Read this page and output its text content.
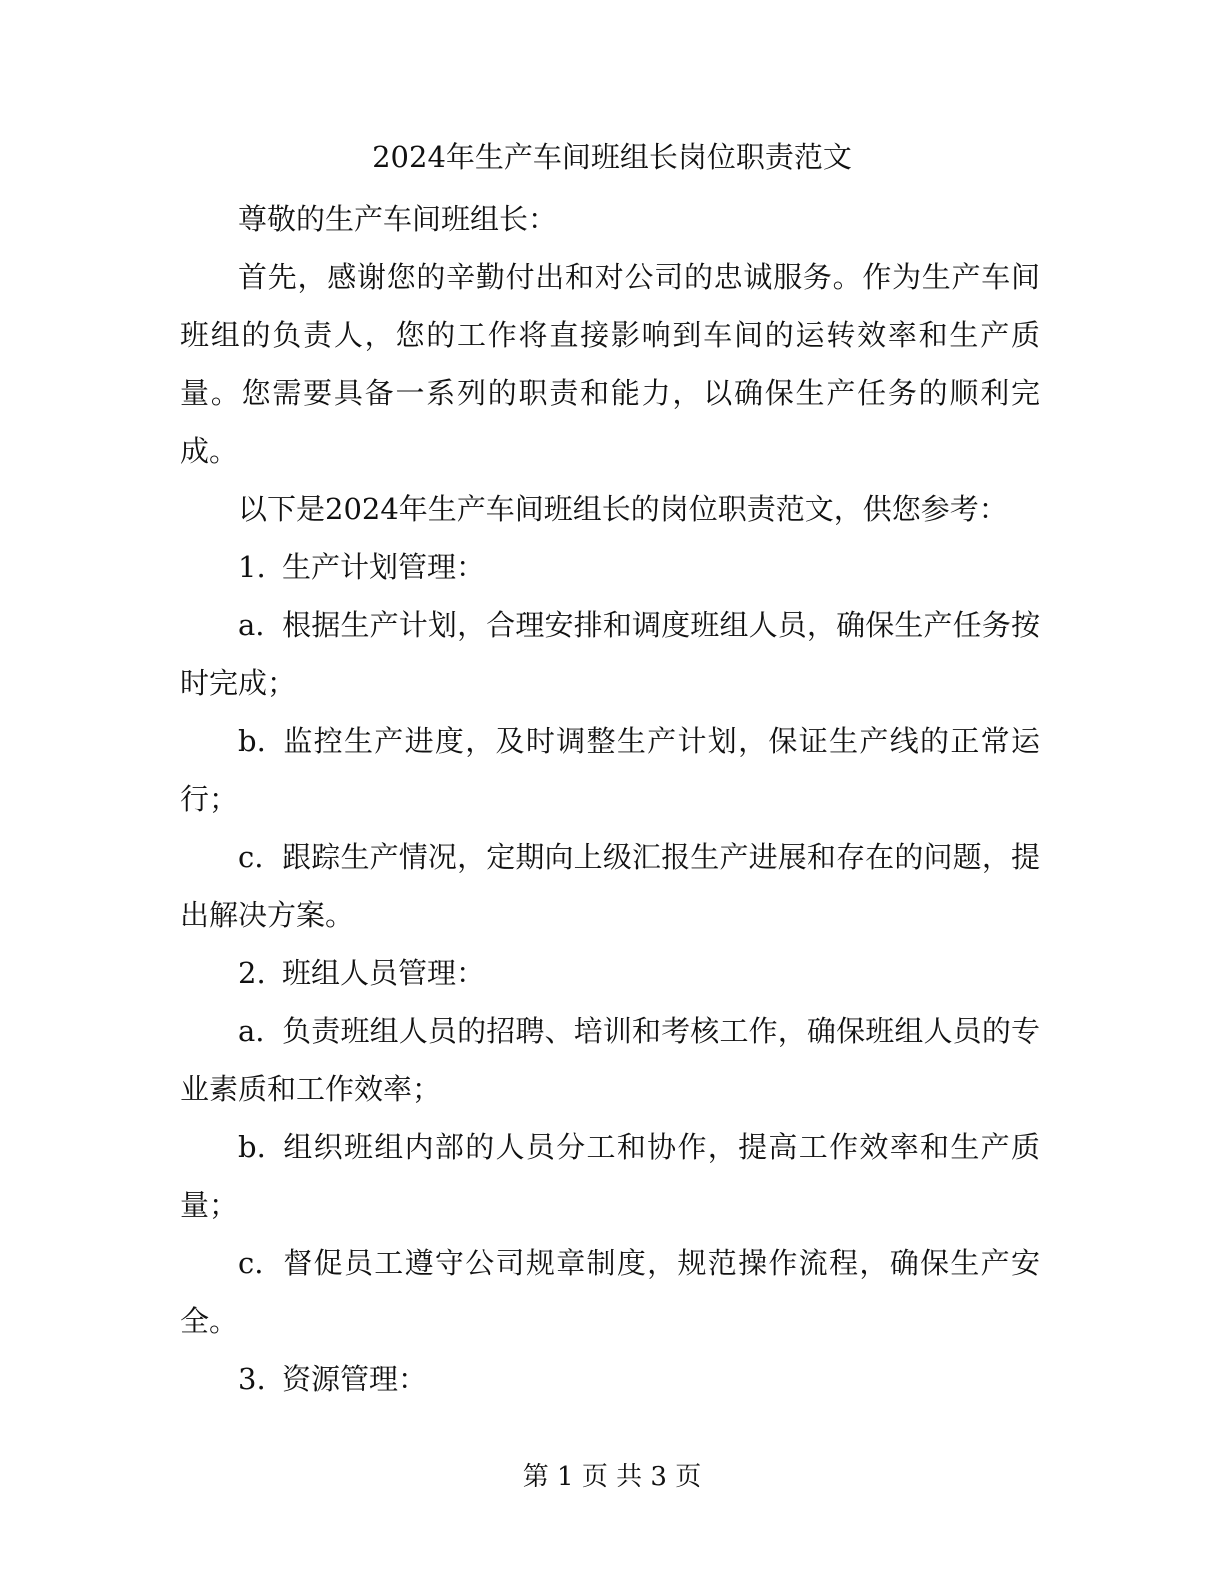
2024年生产车间班组长岗位职责范文

尊敬的生产车间班组长：

首先，感谢您的辛勤付出和对公司的忠诚服务。作为生产车间班组的负责人，您的工作将直接影响到车间的运转效率和生产质量。您需要具备一系列的职责和能力，以确保生产任务的顺利完成。

以下是2024年生产车间班组长的岗位职责范文，供您参考：

1. 生产计划管理：

a. 根据生产计划，合理安排和调度班组人员，确保生产任务按时完成；

b. 监控生产进度，及时调整生产计划，保证生产线的正常运行；

c. 跟踪生产情况，定期向上级汇报生产进展和存在的问题，提出解决方案。

2. 班组人员管理：

a. 负责班组人员的招聘、培训和考核工作，确保班组人员的专业素质和工作效率；

b. 组织班组内部的人员分工和协作，提高工作效率和生产质量；

c. 督促员工遵守公司规章制度，规范操作流程，确保生产安全。

3. 资源管理：

第 1 页 共 3 页
